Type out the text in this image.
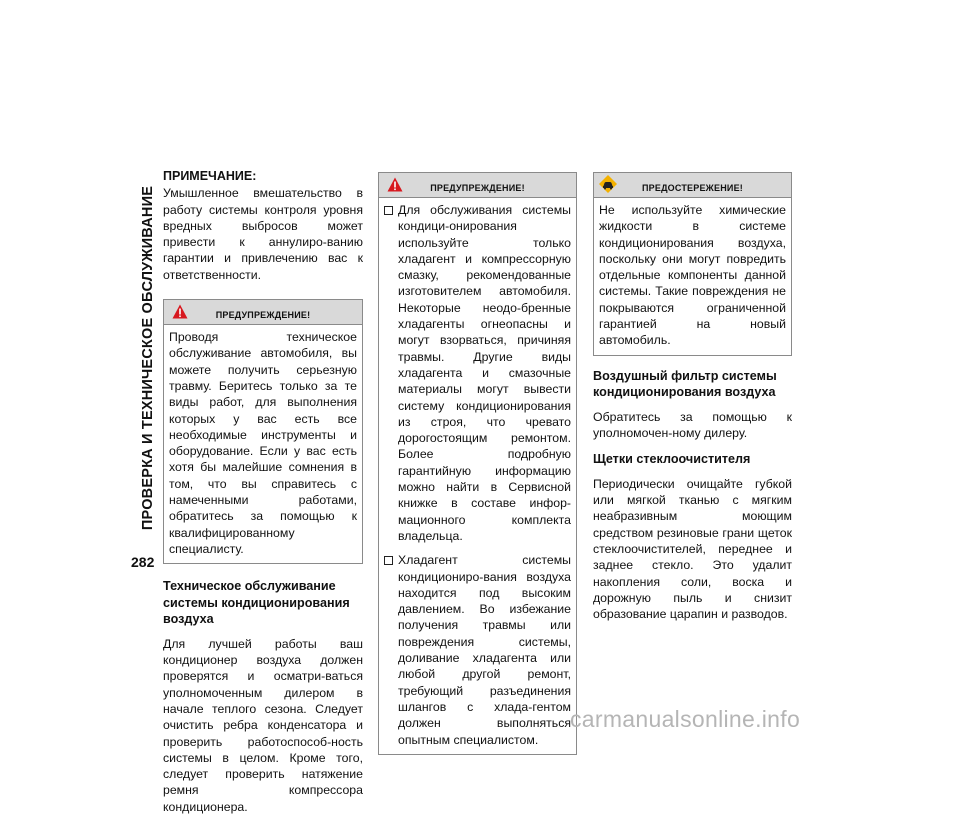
ПРОВЕРКА И ТЕХНИЧЕСКОЕ ОБСЛУЖИВАНИЕ
282
ПРИМЕЧАНИЕ:

Умышленное вмешательство в работу системы контроля уровня вредных выбросов может привести к аннулиро-ванию гарантии и привлечению вас к ответственности.

ПРЕДУПРЕЖДЕНИЕ!

Проводя техническое обслуживание автомобиля, вы можете получить серьезную травму. Беритесь только за те виды работ, для выполнения которых у вас есть все необходимые инструменты и оборудование. Если у вас есть хотя бы малейшие сомнения в том, что вы справитесь с намеченными работами, обратитесь за помощью к квалифицированному специалисту.

Техническое обслуживание системы кондиционирования воздуха

Для лучшей работы ваш кондиционер воздуха должен проверятся и осматри-ваться уполномоченным дилером в начале теплого сезона. Следует очистить ребра конденсатора и проверить работоспособ-ность системы в целом. Кроме того, следует проверить натяжение ремня компрессора кондиционера.

ПРЕДУПРЕЖДЕНИЕ!

Для обслуживания системы кондици-онирования используйте только хладагент и компрессорную смазку, рекомендованные изготовителем автомобиля. Некоторые неодо-бренные хладагенты огнеопасны и могут взорваться, причиняя травмы. Другие виды хладагента и смазочные материалы могут вывести систему кондиционирования из строя, что чревато дорогостоящим ремонтом. Более подробную гарантийную информацию можно найти в Сервисной книжке в составе инфор-мационного комплекта владельца.

Хладагент системы кондициониро-вания воздуха находится под высоким давлением. Во избежание получения травмы или повреждения системы, доливание хладагента или любой другой ремонт, требующий разъединения шлангов с хлада-гентом должен выполняться опытным специалистом.

ПРЕДОСТЕРЕЖЕНИЕ!

Не используйте химические жидкости в системе кондиционирования воздуха, поскольку они могут повредить отдельные компоненты данной системы. Такие повреждения не покрываются ограниченной гарантией на новый автомобиль.

Воздушный фильтр системы кондиционирования воздуха

Обратитесь за помощью к уполномочен-ному дилеру.

Щетки стеклоочистителя

Периодически очищайте губкой или мягкой тканью с мягким неабразивным моющим средством резиновые грани щеток стеклоочистителей, переднее и заднее стекло. Это удалит накопления соли, воска и дорожную пыль и снизит образование царапин и разводов.

carmanualsonline.info
